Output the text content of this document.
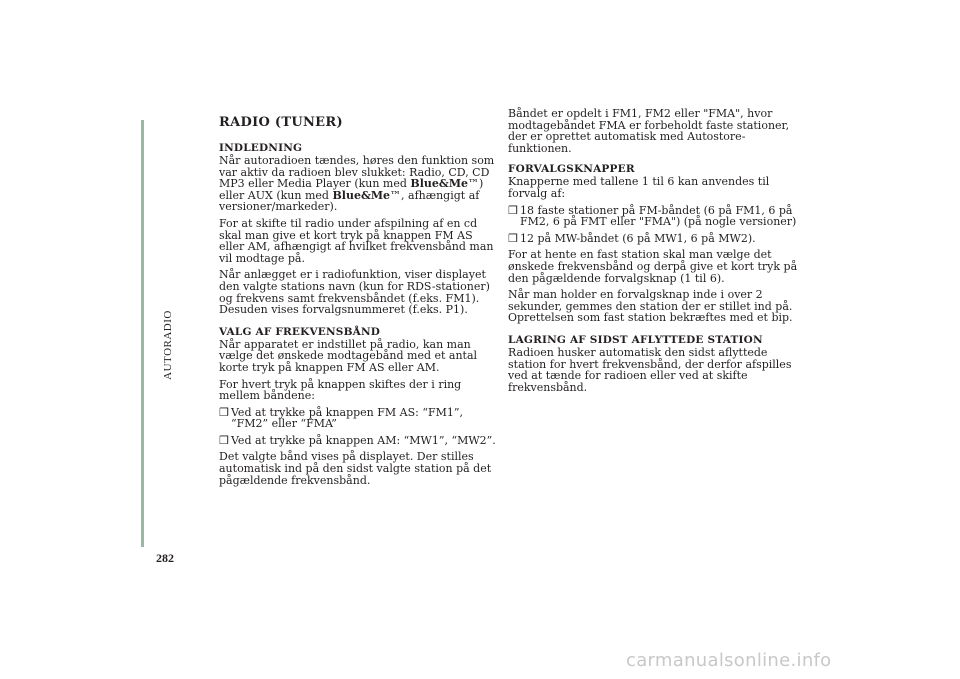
AUTORADIO
282
RADIO (TUNER)
INDLEDNING

Når autoradioen tændes, høres den funktion som var aktiv da radioen blev slukket: Radio, CD, CD MP3 eller Media Player (kun med Blue&Me™) eller AUX (kun med Blue&Me™, afhængigt af versioner/markeder).

For at skifte til radio under afspilning af en cd skal man give et kort tryk på knappen FM AS eller AM, afhængigt af hvilket frekvensbånd man vil modtage på.

Når anlægget er i radiofunktion, viser displayet den valgte stations navn (kun for RDS-stationer) og frekvens samt frekvensbåndet (f.eks. FM1). Desuden vises forvalgsnummeret (f.eks. P1).

VALG AF FREKVENSBÅND

Når apparatet er indstillet på radio, kan man vælge det ønskede modtagebånd med et antal korte tryk på knappen FM AS eller AM.

For hvert tryk på knappen skiftes der i ring mellem båndene:

❒ Ved at trykke på knappen FM AS: “FM1”, “FM2” eller “FMA”
❒ Ved at trykke på knappen AM: “MW1”, “MW2”.

Det valgte bånd vises på displayet. Der stilles automatisk ind på den sidst valgte station på det pågældende frekvensbånd.

Båndet er opdelt i FM1, FM2 eller "FMA", hvor modtagebåndet FMA er forbeholdt faste stationer, der er oprettet automatisk med Autostore-funktionen.

FORVALGSKNAPPER

Knapperne med tallene 1 til 6 kan anvendes til forvalg af:

❒ 18 faste stationer på FM-båndet (6 på FM1, 6 på FM2, 6 på FMT eller "FMA") (på nogle versioner)
❒ 12 på MW-båndet (6 på MW1, 6 på MW2).

For at hente en fast station skal man vælge det ønskede frekvensbånd og derpå give et kort tryk på den pågældende forvalgsknap (1 til 6).

Når man holder en forvalgsknap inde i over 2 sekunder, gemmes den station der er stillet ind på. Oprettelsen som fast station bekræftes med et bip.

LAGRING AF SIDST AFLYTTEDE STATION

Radioen husker automatisk den sidst aflyttede station for hvert frekvensbånd, der derfor afspilles ved at tænde for radioen eller ved at skifte frekvensbånd.

carmanualsonline.info
